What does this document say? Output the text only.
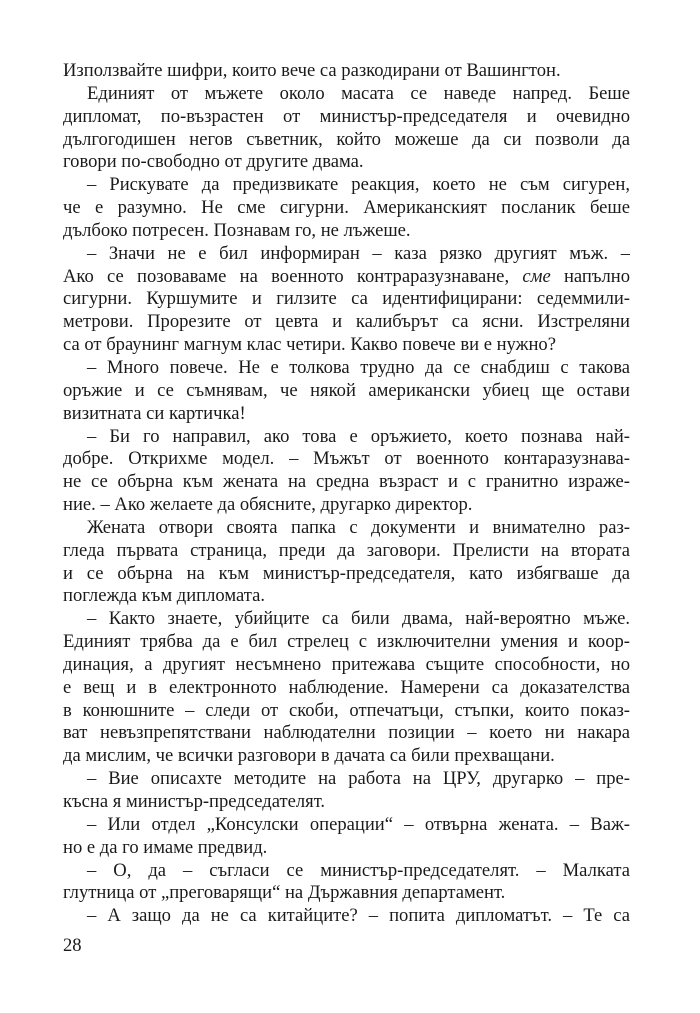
Използвайте шифри, които вече са разкодирани от Вашингтон.
Единият от мъжете около масата се наведе напред. Беше
дипломат, по-възрастен от министър-председателя и очевидно
дългогодишен негов съветник, който можеше да си позволи да
говори по-свободно от другите двама.
– Рискувате да предизвикате реакция, което не съм сигурен,
че е разумно. Не сме сигурни. Американският посланик беше
дълбоко потресен. Познавам го, не лъжеше.
– Значи не е бил информиран – каза рязко другият мъж. –
Ако се позоваваме на военното контраразузнаване, сме напълно
сигурни. Куршумите и гилзите са идентифицирани: седеммили-
метрови. Прорезите от цевта и калибърът са ясни. Изстреляни
са от браунинг магнум клас четири. Какво повече ви е нужно?
– Много повече. Не е толкова трудно да се снабдиш с такова
оръжие и се съмнявам, че някой американски убиец ще остави
визитната си картичка!
– Би го направил, ако това е оръжието, което познава най-
добре. Открихме модел. – Мъжът от военното контаразузнава-
не се обърна към жената на средна възраст и с гранитно израже-
ние. – Ако желаете да обясните, другарко директор.
Жената отвори своята папка с документи и внимателно раз-
гледа първата страница, преди да заговори. Прелисти на втората
и се обърна на към министър-председателя, като избягваше да
поглежда към дипломата.
– Както знаете, убийците са били двама, най-вероятно мъже.
Единият трябва да е бил стрелец с изключителни умения и коор-
динация, а другият несъмнено притежава същите способности, но
е вещ и в електронното наблюдение. Намерени са доказателства
в конюшните – следи от скоби, отпечатъци, стъпки, които показ-
ват невъзпрепятствани наблюдателни позиции – което ни накара
да мислим, че всички разговори в дачата са били прехващани.
– Вие описахте методите на работа на ЦРУ, другарко – пре-
късна я министър-председателят.
– Или отдел „Консулски операции“ – отвърна жената. – Важ-
но е да го имаме предвид.
– О, да – съгласи се министър-председателят. – Малката
глутница от „преговарящи“ на Държавния департамент.
– А защо да не са китайците? – попита дипломатът. – Те са
28
